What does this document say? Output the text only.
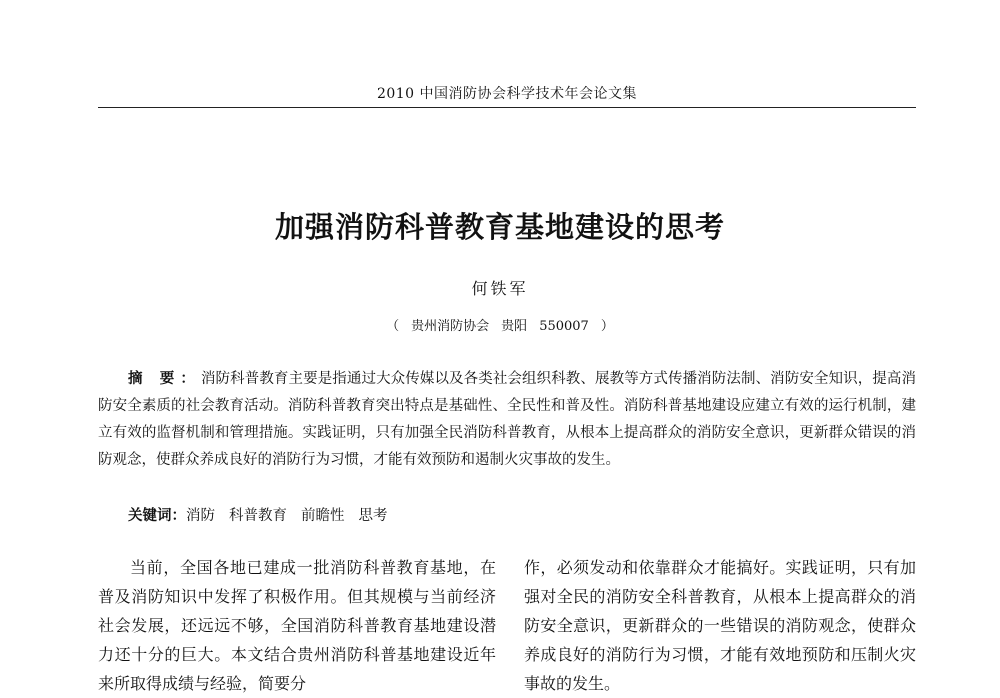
2010 中国消防协会科学技术年会论文集
加强消防科普教育基地建设的思考
何铁军
（ 贵州消防协会 贵阳 550007 ）

摘 要：消防科普教育主要是指通过大众传媒以及各类社会组织科教、展教等方式传播消防法制、消防安全知识，提高消防安全素质的社会教育活动。消防科普教育突出特点是基础性、全民性和普及性。消防科普基地建设应建立有效的运行机制，建立有效的监督机制和管理措施。实践证明，只有加强全民消防科普教育，从根本上提高群众的消防安全意识，更新群众错误的消防观念，使群众养成良好的消防行为习惯，才能有效预防和遏制火灾事故的发生。

关键词：消防 科普教育 前瞻性 思考

当前，全国各地已建成一批消防科普教育基地，在普及消防知识中发挥了积极作用。但其规模与当前经济社会发展，还远远不够，全国消防科普教育基地建设潜力还十分的巨大。本文结合贵州消防科普基地建设近年来所取得成绩与经验，简要分

作，必须发动和依靠群众才能搞好。实践证明，只有加强对全民的消防安全科普教育，从根本上提高群众的消防安全意识，更新群众的一些错误的消防观念，使群众养成良好的消防行为习惯，才能有效地预防和压制火灾事故的发生。
